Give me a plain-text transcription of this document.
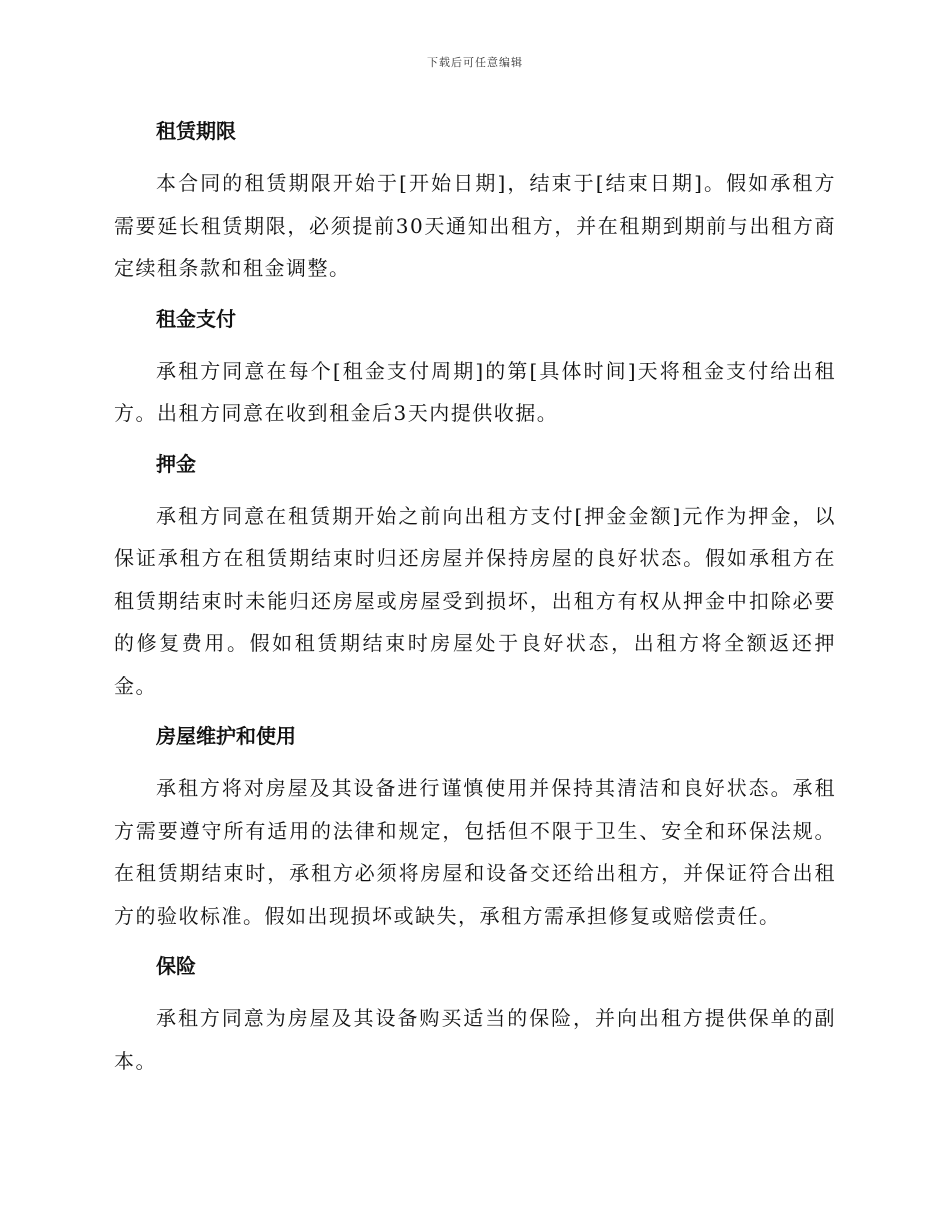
下载后可任意编辑
租赁期限

本合同的租赁期限开始于[开始日期]，结束于[结束日期]。假如承租方需要延长租赁期限，必须提前30天通知出租方，并在租期到期前与出租方商定续租条款和租金调整。

租金支付

承租方同意在每个[租金支付周期]的第[具体时间]天将租金支付给出租方。出租方同意在收到租金后3天内提供收据。

押金

承租方同意在租赁期开始之前向出租方支付[押金金额]元作为押金，以保证承租方在租赁期结束时归还房屋并保持房屋的良好状态。假如承租方在租赁期结束时未能归还房屋或房屋受到损坏，出租方有权从押金中扣除必要的修复费用。假如租赁期结束时房屋处于良好状态，出租方将全额返还押金。

房屋维护和使用

承租方将对房屋及其设备进行谨慎使用并保持其清洁和良好状态。承租方需要遵守所有适用的法律和规定，包括但不限于卫生、安全和环保法规。在租赁期结束时，承租方必须将房屋和设备交还给出租方，并保证符合出租方的验收标准。假如出现损坏或缺失，承租方需承担修复或赔偿责任。

保险

承租方同意为房屋及其设备购买适当的保险，并向出租方提供保单的副本。
